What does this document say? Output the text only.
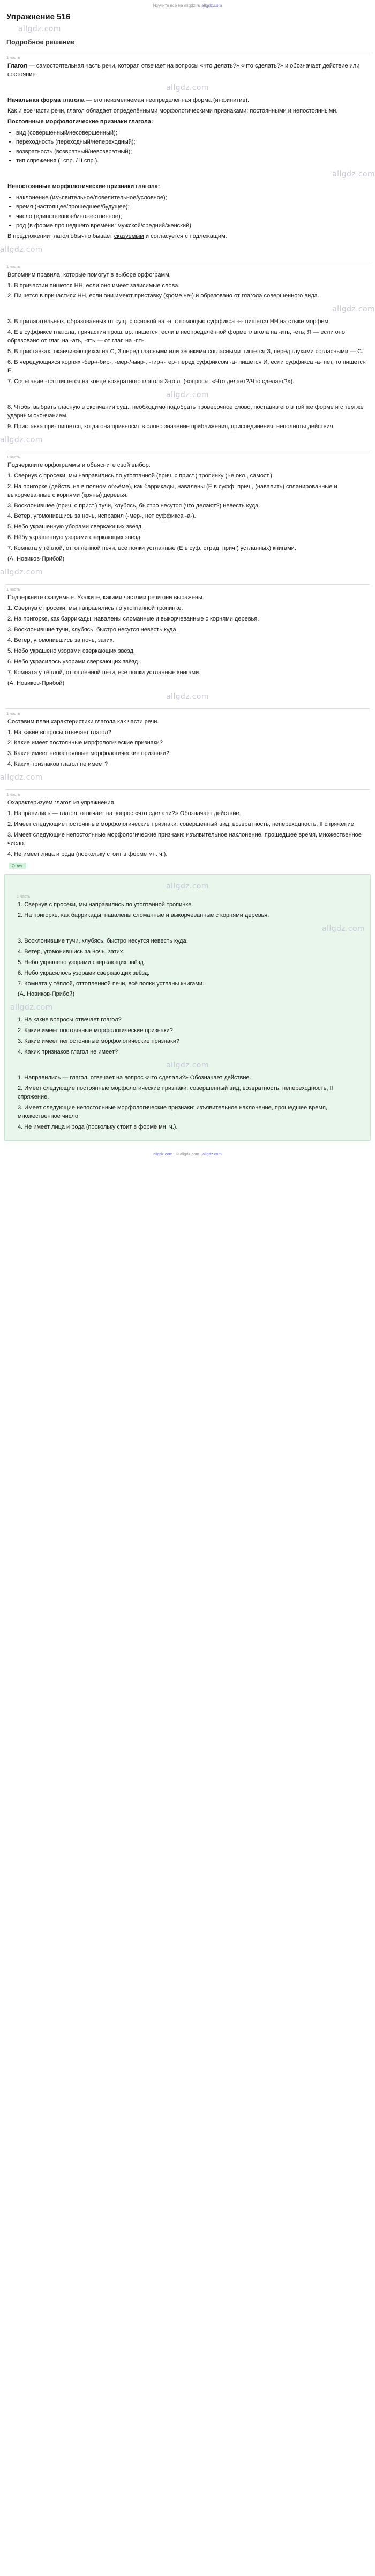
Изучите всё на allgdz.ru allgdz.com
Упражнение 516
allgdz.com
Подробное решение
1 часть
Глагол — самостоятельная часть речи, которая отвечает на вопросы «что делать?» «что сделать?» и обозначает действие или состояние.
allgdz.com
Начальная форма глагола — его неизменяемая неопределённая форма (инфинитив).
Как и все части речи, глагол обладает определёнными морфологическими признаками: постоянными и непостоянными.
Постоянные морфологические признаки глагола:
• вид (совершенный/несовершенный);
• переходность (переходный/непереходный);
• возвратность (возвратный/невозвратный);
• тип спряжения (I спр. / II спр.).
allgdz.com
Непостоянные морфологические признаки глагола:
• наклонение (изъявительное/повелительное/условное);
• время (настоящее/прошедшее/будущее);
• число (единственное/множественное);
• род (в форме прошедшего времени: мужской/средний/женский).
В предложении глагол обычно бывает сказуемым и согласуется с подлежащим.
allgdz.com
1 часть
Вспомним правила, которые помогут в выборе орфограмм.
1. В причастии пишется НН, если оно имеет зависимые слова.
2. Пишется в причастиях НН, если они имеют приставку (кроме не-) и образовано от глагола совершенного вида.
allgdz.com
3. В прилагательных, образованных от сущ. с основой на -н, с помощью суффикса -н- пишется НН на стыке морфем.
4. Е в суффиксе глагола, причастия прош. вр. пишется, если в неопределённой форме глагола на -ить, -еть; Я — если оно образовано от глаг. на -ать, -ять — от глаг. на -ять.
5. В приставках, оканчивающихся на С, З перед гласными или звонкими согласными пишется З, перед глухими согласными — С.
6. В чередующихся корнях -бер-/-бир-, -мер-/-мир-, -тир-/-тер- перед суффиксом -а- пишется И, если суффикса -а- нет, то пишется Е.
7. Сочетание -тся пишется на конце возвратного глагола 3-го л. (вопросы: «Что делает?/Что сделает?»).
allgdz.com
8. Чтобы выбрать гласную в окончании сущ., необходимо подобрать проверочное слово, поставив его в той же форме и с тем же ударным окончанием.
9. Приставка при- пишется, когда она привносит в слово значение приближения, присоединения, неполноты действия.
allgdz.com
1 часть
Подчеркните орфограммы и объясните свой выбор.
1. Свернув с просеки, мы направились по утоптанной (прич. с прист.) тропинку (I-е окл., самост.).
2. На пригорке (действ. на в полном объёме), как баррикады, навалены (Е в суфф. прич., (навалить) спланированные и выкорчеванные с корнями (кряны) деревья.
3. Восклонившее (прич. с прист.) тучи, клубясь, быстро несутся (что делают?) невесть куда.
4. Ветер, угомонившись за ночь, исправил (-мер-, нет суффикса -а-).
5. Небо украшенную уборами сверкающих звёзд.
6. Нёбу укрáшенную узорами сверкающих звёзд.
7. Комната у тёплой, оттопленной печи, всё полки устланные (Е в суф. страд. прич.) устланных) книгами.
(А. Новиков-Прибой)
allgdz.com
1 часть
Подчеркните сказуемые. Укажите, какими частями речи они выражены.
1. Свернув с просеки, мы направились по утоптанной тропинке.
2. На пригорке, как баррикады, навалены сломанные и выкорчеванные с корнями деревья.
3. Восклонившие тучи, клубясь, быстро несутся невесть куда.
4. Ветер, угомонившись за ночь, затих.
5. Небо украшено узорами сверкающих звёзд.
6. Небо украсилось узорами сверкающих звёзд.
7. Комната у тёплой, оттопленной печи, всё полки устланные книгами.
(А. Новиков-Прибой)
allgdz.com
1 часть
Составим план характеристики глагола как части речи.
1. На какие вопросы отвечает глагол?
2. Какие имеет постоянные морфологические признаки?
3. Какие имеет непостоянные морфологические признаки?
4. Каких признаков глагол не имеет?
allgdz.com
1 часть
Охарактеризуем глагол из упражнения.
1. Направились — глагол, отвечает на вопрос «что сделали?» Обозначает действие.
2. Имеет следующие постоянные морфологические признаки: совершенный вид, возвратность, непереходность, II спряжение.
3. Имеет следующие непостоянные морфологические признаки: изъявительное наклонение, прошедшее время, множественное число.
4. Не имеет лица и рода (поскольку стоит в форме мн. ч.).
Ответ
allgdz.com
1 часть
1. Свернув с просеки, мы направились по утоптанной тропинке.
2. На пригорке, как баррикады, навалены сломанные и выкорчеванные с корнями деревья.
allgdz.com
3. Восклонившие тучи, клубясь, быстро несутся невесть куда.
4. Ветер, угомонившись за ночь, затих.
5. Небо украшено узорами сверкающих звёзд.
6. Небо украсилось узорами сверкающих звёзд.
7. Комната у тёплой, оттопленной печи, всё полки устланы книгами.
(А. Новиков-Прибой)
allgdz.com
1. На какие вопросы отвечает глагол?
2. Какие имеет постоянные морфологические признаки?
3. Какие имеет непостоянные морфологические признаки?
4. Каких признаков глагол не имеет?
allgdz.com
1. Направились — глагол, отвечает на вопрос «что сделали?» Обозначает действие.
2. Имеет следующие постоянные морфологические признаки: совершенный вид, возвратность, непереходность, II спряжение.
3. Имеет следующие непостоянные морфологические признаки: изъявительное наклонение, прошедшее время, множественное число.
4. Не имеет лица и рода (поскольку стоит в форме мн. ч.).
allgdz.com © allgdz.com allgdz.com
